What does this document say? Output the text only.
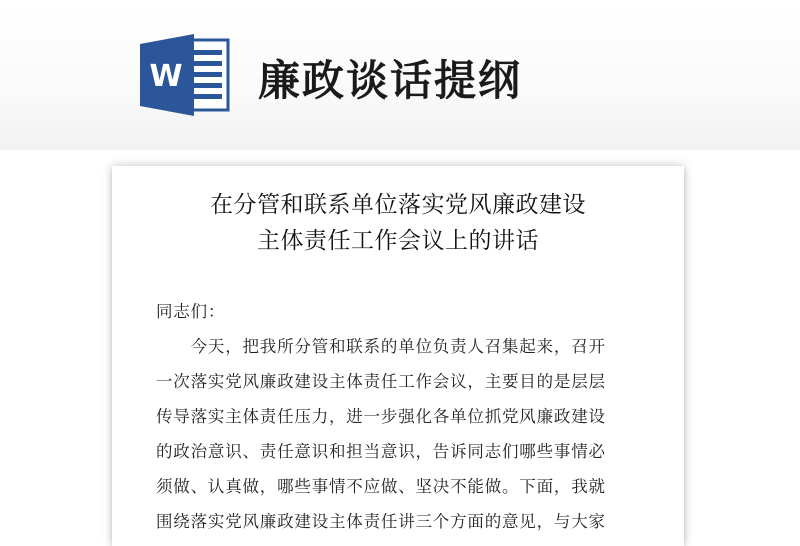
W 廉政谈话提纲
在分管和联系单位落实党风廉政建设
主体责任工作会议上的讲话
同志们：
　　今天，把我所分管和联系的单位负责人召集起来，召开
一次落实党风廉政建设主体责任工作会议，主要目的是层层
传导落实主体责任压力，进一步强化各单位抓党风廉政建设
的政治意识、责任意识和担当意识，告诉同志们哪些事情必
须做、认真做，哪些事情不应做、坚决不能做。下面，我就
围绕落实党风廉政建设主体责任讲三个方面的意见，与大家
